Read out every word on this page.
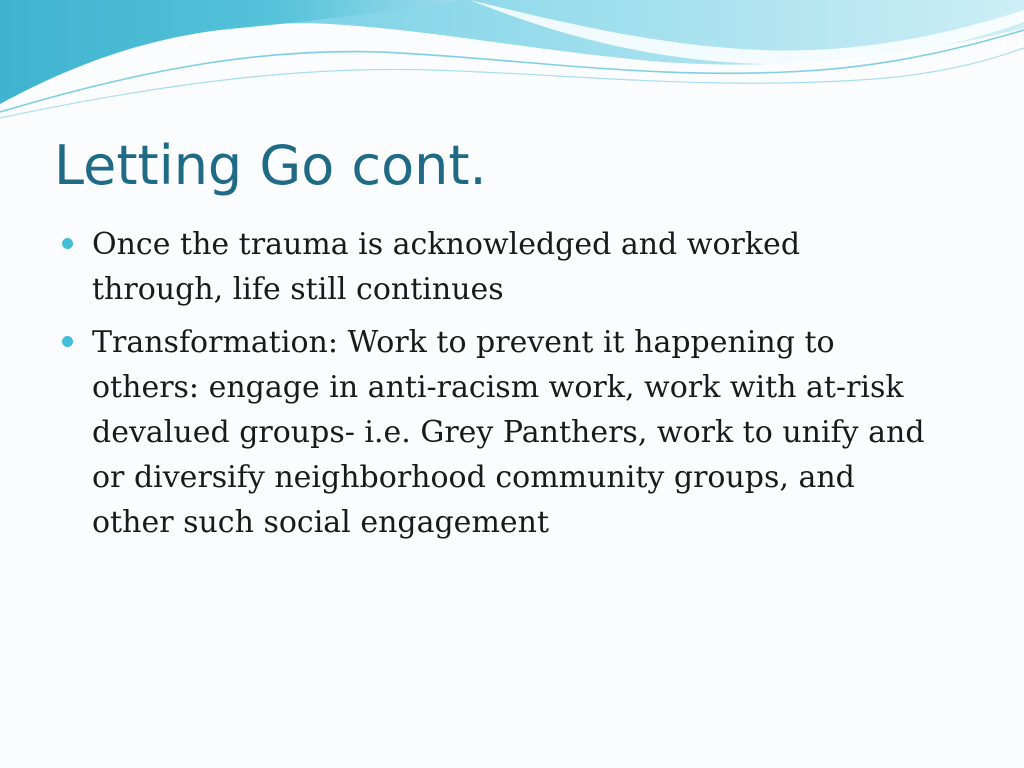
Letting Go cont.
Once the trauma is acknowledged and worked
through, life still continues
Transformation: Work to prevent it happening to
others: engage in anti-racism work, work with at-risk
devalued groups- i.e. Grey Panthers, work to unify and
or diversify neighborhood community groups, and
other such social engagement
